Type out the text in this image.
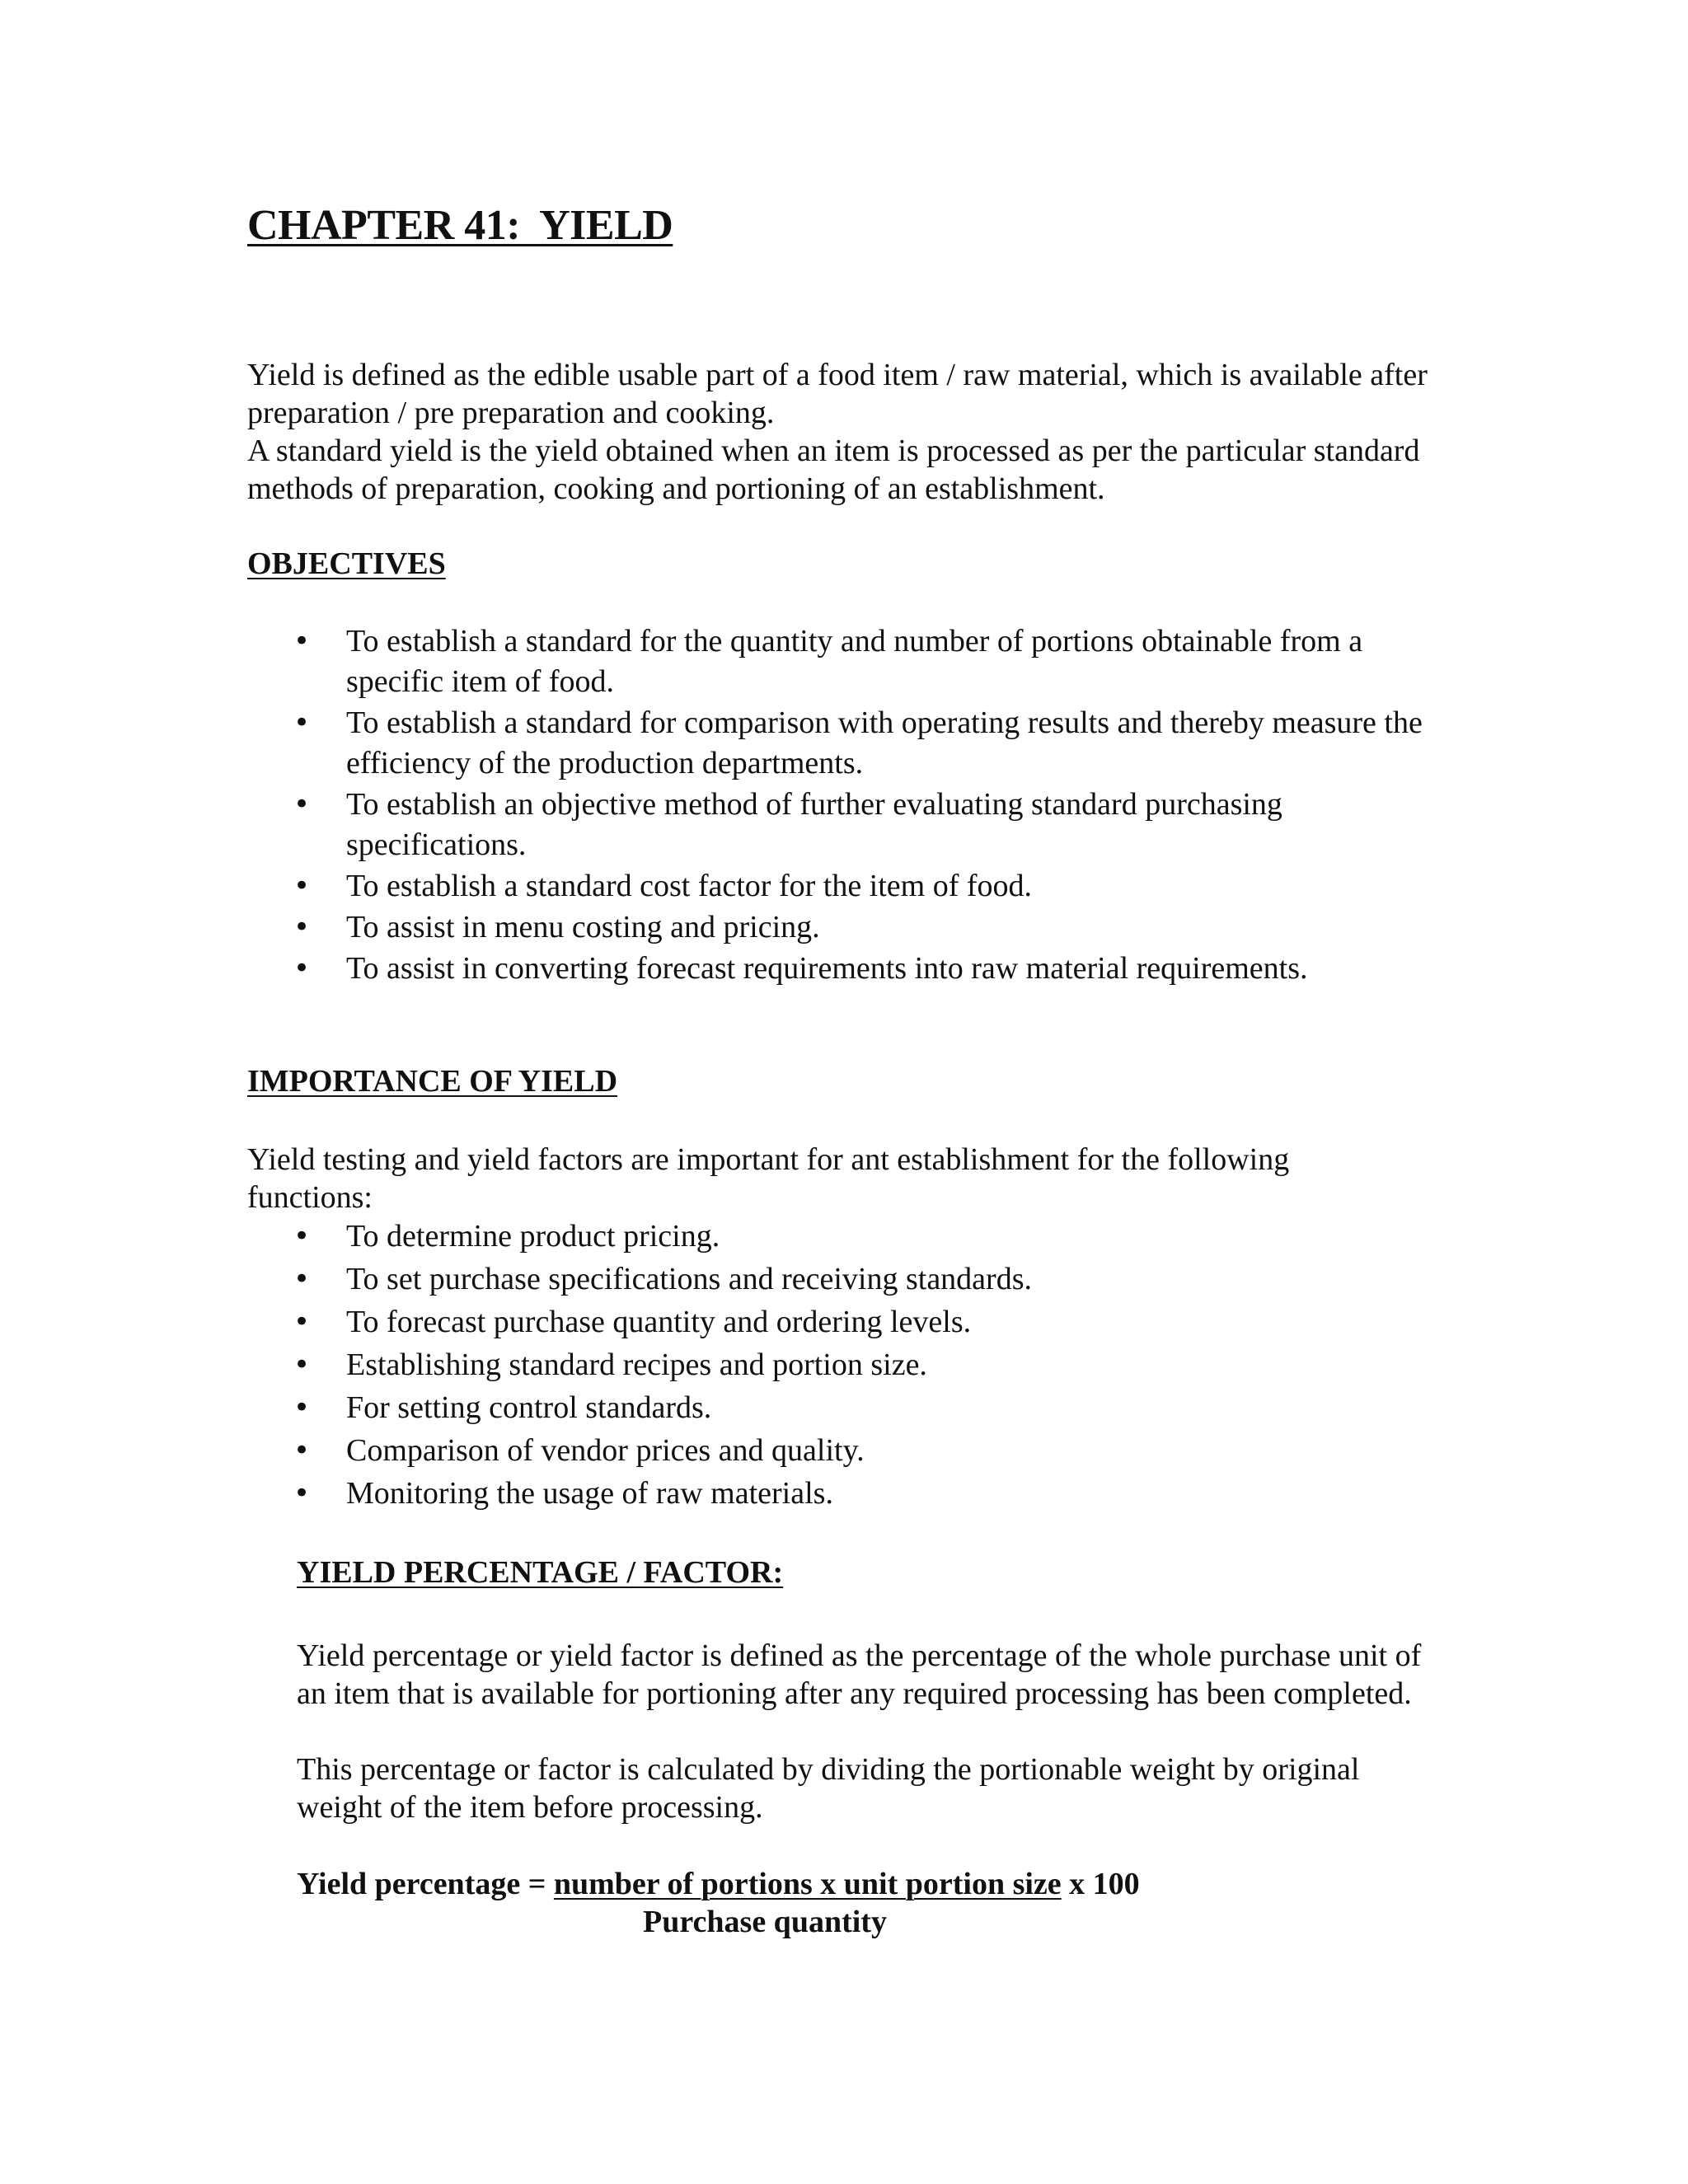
CHAPTER 41:  YIELD

Yield is defined as the edible usable part of a food item / raw material, which is available after preparation / pre preparation and cooking.

A standard yield is the yield obtained when an item is processed as per the particular standard methods of preparation, cooking and portioning of an establishment.

OBJECTIVES
• To establish a standard for the quantity and number of portions obtainable from a specific item of food.
• To establish a standard for comparison with operating results and thereby measure the efficiency of the production departments.
• To establish an objective method of further evaluating standard purchasing specifications.
• To establish a standard cost factor for the item of food.
• To assist in menu costing and pricing.
• To assist in converting forecast requirements into raw material requirements.
IMPORTANCE OF YIELD

Yield testing and yield factors are important for ant establishment for the following functions:

• To determine product pricing.
• To set purchase specifications and receiving standards.
• To forecast purchase quantity and ordering levels.
• Establishing standard recipes and portion size.
• For setting control standards.
• Comparison of vendor prices and quality.
• Monitoring the usage of raw materials.
YIELD PERCENTAGE / FACTOR:

Yield percentage or yield factor is defined as the percentage of the whole purchase unit of an item that is available for portioning after any required processing has been completed.

This percentage or factor is calculated by dividing the portionable weight by original weight of the item before processing.

Yield percentage = number of portions x unit portion size x 100

Purchase quantity
